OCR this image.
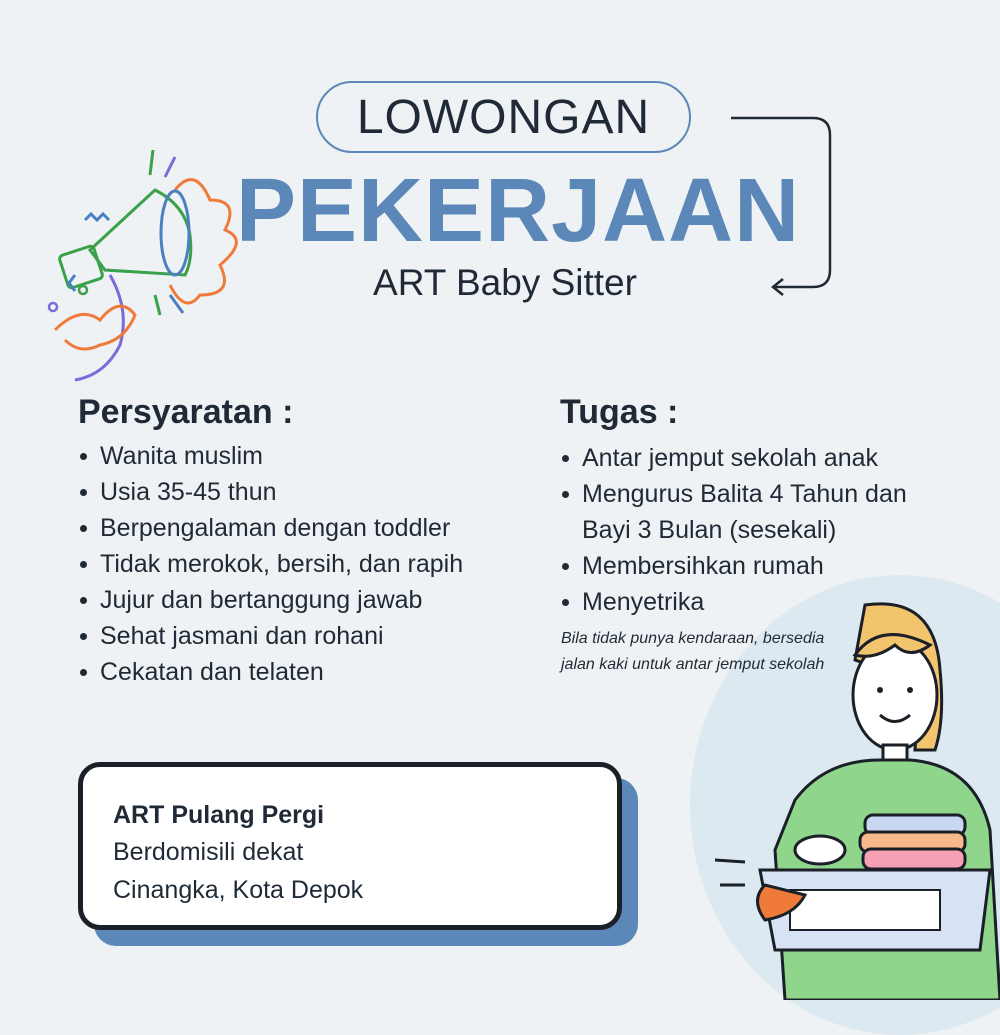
LOWONGAN
PEKERJAAN
ART Baby Sitter
Persyaratan :
Wanita muslim
Usia 35-45 thun
Berpengalaman dengan toddler
Tidak merokok, bersih, dan rapih
Jujur dan bertanggung jawab
Sehat jasmani dan rohani
Cekatan dan telaten
Tugas :
Antar jemput sekolah anak
Mengurus Balita 4 Tahun dan Bayi 3 Bulan (sesekali)
Membersihkan rumah
Menyetrika
Bila tidak punya kendaraan, bersedia
jalan kaki untuk antar jemput sekolah
ART Pulang Pergi
Berdomisili dekat
Cinangka, Kota Depok
